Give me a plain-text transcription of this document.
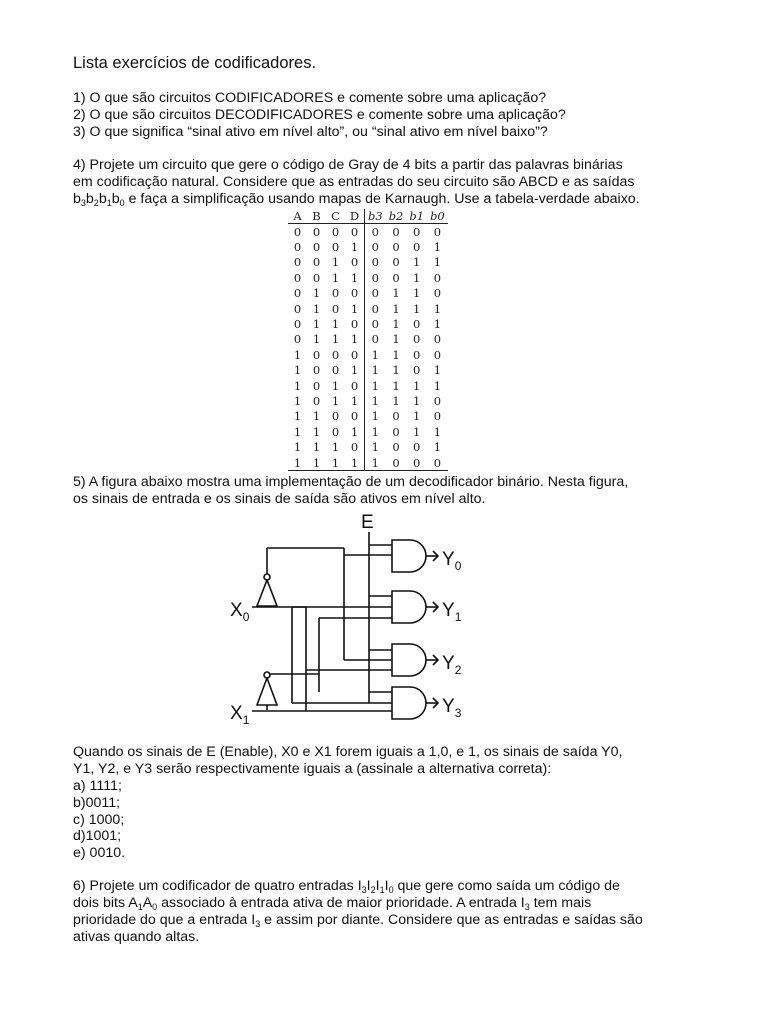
Lista exercícios de codificadores.

1) O que são circuitos CODIFICADORES e comente sobre uma aplicação?

2) O que são circuitos DECODIFICADORES e comente sobre uma aplicação?

3) O que significa “sinal ativo em nível alto”, ou “sinal ativo em nível baixo”?

4) Projete um circuito que gere o código de Gray de 4 bits a partir das palavras binárias

em codificação natural. Considere que as entradas do seu circuito são ABCD e as saídas

$b_3b_2b_1b_0$ e faça a simplificação usando mapas de Karnaugh. Use a tabela-verdade abaixo.

A	B	C	D	b3	b2	b1	b0
0	0	0	0	0	0	0	0
0	0	0	1	0	0	0	1
0	0	1	0	0	0	1	1
0	0	1	1	0	0	1	0
0	1	0	0	0	1	1	0
0	1	0	1	0	1	1	1
0	1	1	0	0	1	0	1
0	1	1	1	0	1	0	0
1	0	0	0	1	1	0	0
1	0	0	1	1	1	0	1
1	0	1	0	1	1	1	1
1	0	1	1	1	1	1	0
1	1	0	0	1	0	1	0
1	1	0	1	1	0	1	1
1	1	1	0	1	0	0	1
1	1	1	1	1	0	0	0

5) A figura abaixo mostra uma implementação de um decodificador binário. Nesta figura,

os sinais de entrada e os sinais de saída são ativos em nível alto.

E
$X_0$
$X_1$
$Y_0$
$Y_1$
$Y_2$
$Y_3$

Quando os sinais de E (Enable), X0 e X1 forem iguais a 1,0, e 1, os sinais de saída Y0,

Y1, Y2, e Y3 serão respectivamente iguais a (assinale a alternativa correta):

a) 1111;
b)0011;
c) 1000;
d)1001;
e) 0010.

6) Projete um codificador de quatro entradas $I_3I_2I_1I_0$ que gere como saída um código de

dois bits $A_1A_0$ associado à entrada ativa de maior prioridade. A entrada $I_3$ tem mais

prioridade do que a entrada $I_3$ e assim por diante. Considere que as entradas e saídas são

ativas quando altas.
